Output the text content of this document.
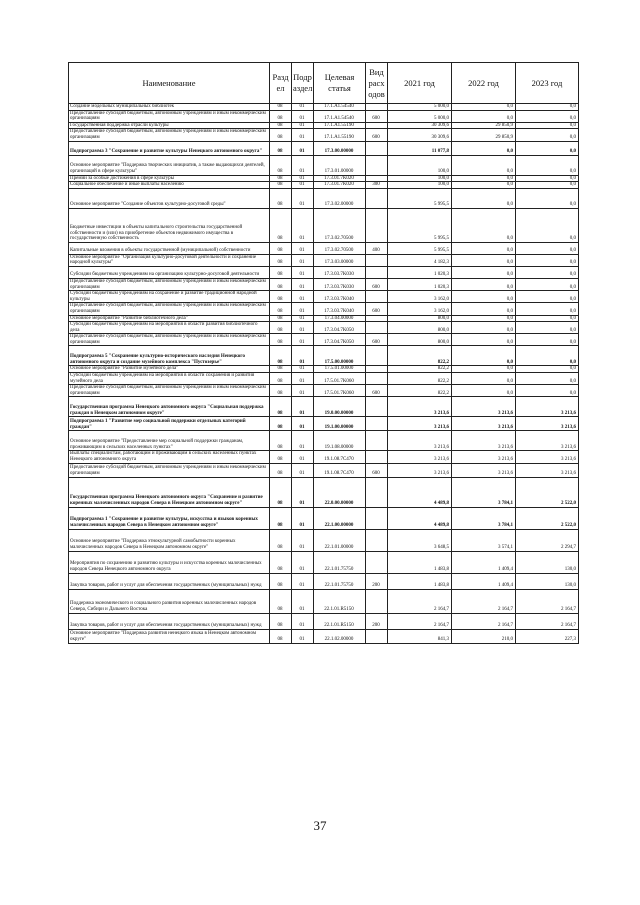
Наименование	Разд ел	Подр аздел	Целевая статья	Вид расх одов	2021 год	2022 год	2023 год
Создание модельных муниципальных библиотек	08	01	17.1.A1.54540		5 000,0	0,0	0,0
Предоставление субсидий бюджетным, автономным учреждениям и иным некоммерческим организациям	08	01	17.1.A1.54540	600	5 000,0	0,0	0,0
Государственная поддержка отрасли культуры	08	01	17.1.A1.55190		30 309,6	29 850,9	0,0
Предоставление субсидий бюджетным, автономным учреждениям и иным некоммерческим организациям	08	01	17.1.A1.55190	600	30 309,6	29 850,9	0,0
Подпрограмма 3 "Сохранение и развитие культуры Ненецкого автономного округа"	08	01	17.3.00.00000		11 077,8	0,0	0,0
Основное мероприятие "Поддержка творческих инициатив, а также выдающихся деятелей, организаций в сфере культуры"	08	01	17.3.01.00000		100,0	0,0	0,0
Премии за особые достижения в сфере культуры	08	01	17.3.01.7K020		100,0	0,0	0,0
Социальное обеспечение и иные выплаты населению	08	01	17.3.01.7K020	300	100,0	0,0	0,0
Основное мероприятие "Создание объектов культурно-досуговой среды"	08	01	17.3.02.00000		5 995,5	0,0	0,0
Бюджетные инвестиции в объекты капитального строительства государственной собственности и (или) на приобретение объектов недвижимого имущества в государственную собственность	08	01	17.3.02.70500		5 995,5	0,0	0,0
Капитальные вложения в объекты государственной (муниципальной) собственности	08	01	17.3.02.70500	400	5 995,5	0,0	0,0
Основное мероприятие "Организация культурно-досуговой деятельности и сохранение народной культуры"	08	01	17.3.03.00000		4 182,3	0,0	0,0
Субсидии бюджетным учреждениям на организацию культурно-досуговой деятельности	08	01	17.3.03.7K030		1 020,3	0,0	0,0
Предоставление субсидий бюджетным, автономным учреждениям и иным некоммерческим организациям	08	01	17.3.03.7K030	600	1 020,3	0,0	0,0
Субсидии бюджетным учреждениям на сохранение и развитие традиционной народной культуры	08	01	17.3.03.7K040		3 162,0	0,0	0,0
Предоставление субсидий бюджетным, автономным учреждениям и иным некоммерческим организациям	08	01	17.3.03.7K040	600	3 162,0	0,0	0,0
Основное мероприятие "Развитие библиотечного дела"	08	01	17.3.04.00000		800,0	0,0	0,0
Субсидии бюджетным учреждениям на мероприятия в области развития библиотечного дела	08	01	17.3.04.7K050		800,0	0,0	0,0
Предоставление субсидий бюджетным, автономным учреждениям и иным некоммерческим организациям	08	01	17.3.04.7K050	600	800,0	0,0	0,0
Подпрограмма 5 "Сохранение культурно-исторического наследия Ненецкого автономного округа и создание музейного комплекса "Пустозерье"	08	01	17.5.00.00000		822,2	0,0	0,0
Основное мероприятие "Развитие музейного дела"	08	01	17.5.01.00000		822,2	0,0	0,0
Субсидии бюджетным учреждениям на мероприятия в области сохранения и развития музейного дела	08	01	17.5.01.7K060		822,2	0,0	0,0
Предоставление субсидий бюджетным, автономным учреждениям и иным некоммерческим организациям	08	01	17.5.01.7K060	600	822,2	0,0	0,0
Государственная программа Ненецкого автономного округа "Социальная поддержка граждан в Ненецком автономном округе"	08	01	19.0.00.00000		3 213,6	3 213,6	3 213,6
Подпрограмма 1 "Развитие мер социальной поддержки отдельных категорий граждан"	08	01	19.1.00.00000		3 213,6	3 213,6	3 213,6
Основное мероприятие "Предоставление мер социальной поддержки гражданам, проживающим в сельских населенных пунктах"	08	01	19.1.08.00000		3 213,6	3 213,6	3 213,6
Выплаты специалистам, работающим и проживающим в сельских населённых пунктах Ненецкого автономного округа	08	01	19.1.08.7C470		3 213,6	3 213,6	3 213,6
Предоставление субсидий бюджетным, автономным учреждениям и иным некоммерческим организациям	08	01	19.1.08.7C470	600	3 213,6	3 213,6	3 213,6
Государственная программа Ненецкого автономного округа "Сохранение и развитие коренных малочисленных народов Севера в Ненецком автономном округе"	08	01	22.0.00.00000		4 489,8	3 784,1	2 522,0
Подпрограмма 1 "Сохранение и развитие культуры, искусства и языков коренных малочисленных народов Севера в Ненецком автономном округе"	08	01	22.1.00.00000		4 489,8	3 784,1	2 522,0
Основное мероприятие "Поддержка этнокультурной самобытности коренных малочисленных народов Севера в Ненецком автономном округе"	08	01	22.1.01.00000		3 648,5	3 574,1	2 294,7
Мероприятия по сохранению и развитию культуры и искусства коренных малочисленных народов Севера Ненецкого автономного округа	08	01	22.1.01.75750		1 483,8	1 409,4	130,0
Закупка товаров, работ и услуг для обеспечения государственных (муниципальных) нужд	08	01	22.1.01.75750	200	1 483,8	1 409,4	130,0
Поддержка экономического и социального развития коренных малочисленных народов Севера, Сибири и Дальнего Востока	08	01	22.1.01.R5150		2 164,7	2 164,7	2 164,7
Закупка товаров, работ и услуг для обеспечения государственных (муниципальных) нужд	08	01	22.1.01.R5150	200	2 164,7	2 164,7	2 164,7
Основное мероприятие "Поддержка развития ненецкого языка в Ненецком автономном округе"	08	01	22.1.02.00000		841,3	210,0	227,3
37
